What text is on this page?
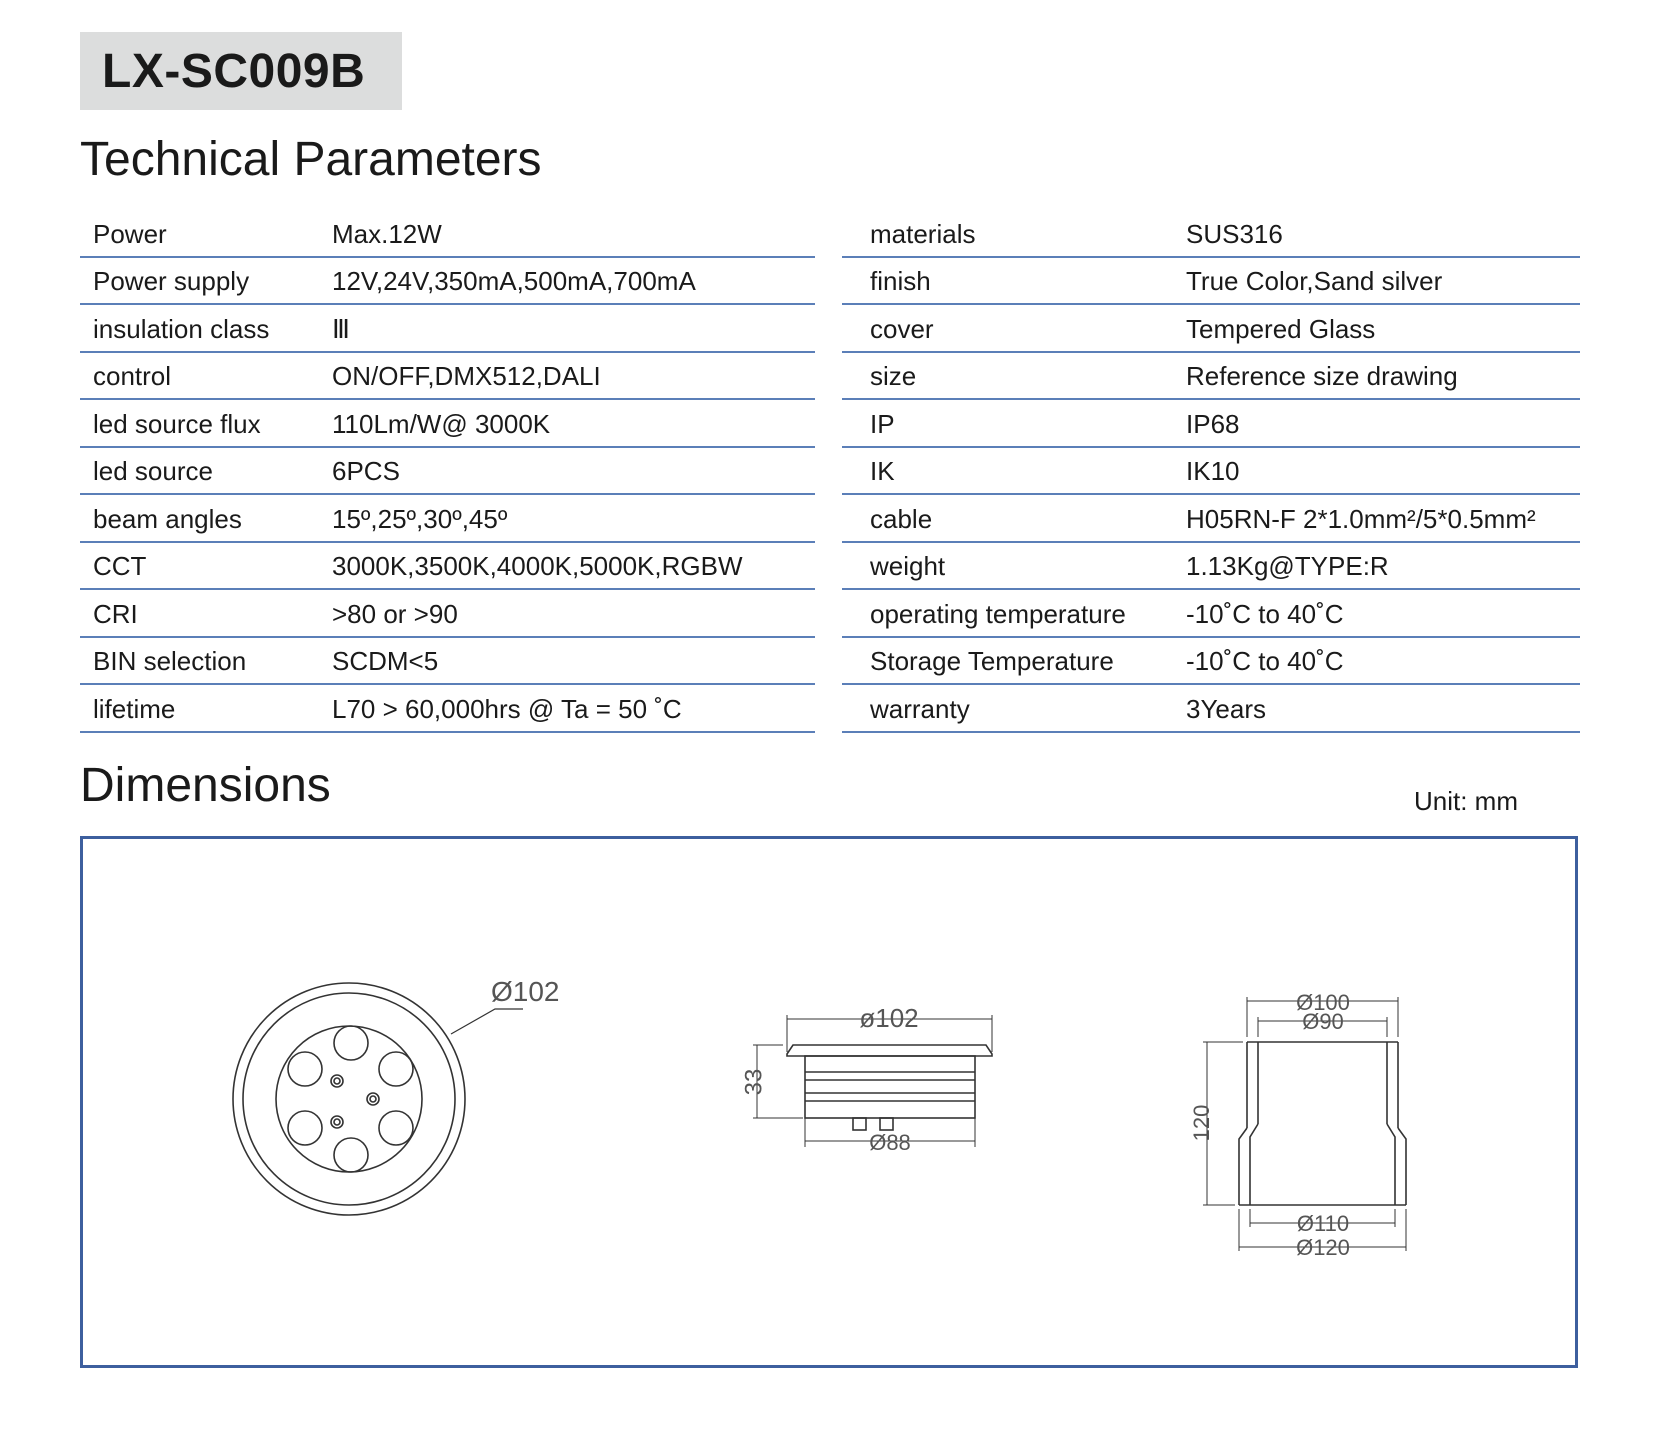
LX-SC009B
Technical Parameters
Power	Max.12W
Power supply	12V,24V,350mA,500mA,700mA
insulation class Ⅲ
control	ON/OFF,DMX512,DALI
led source flux	110Lm/W@ 3000K
led source	6PCS
beam angles	15º,25º,30º,45º
CCT	3000K,3500K,4000K,5000K,RGBW
CRI	>80 or >90
BIN selection	SCDM<5
lifetime	L70 > 60,000hrs @ Ta = 50 ˚C
materials	SUS316
finish	True Color,Sand silver
cover	Tempered Glass
size	Reference size drawing
IP	IP68
IK	IK10
cable	H05RN-F 2*1.0mm²/5*0.5mm²
weight	1.13Kg@TYPE:R
operating temperature -10˚C to 40˚C
Storage Temperature	-10˚C to 40˚C
warranty	3Years
Dimensions	Unit: mm
Ø102
ø102
33
Ø88
Ø100
Ø90
120
Ø110
Ø120
